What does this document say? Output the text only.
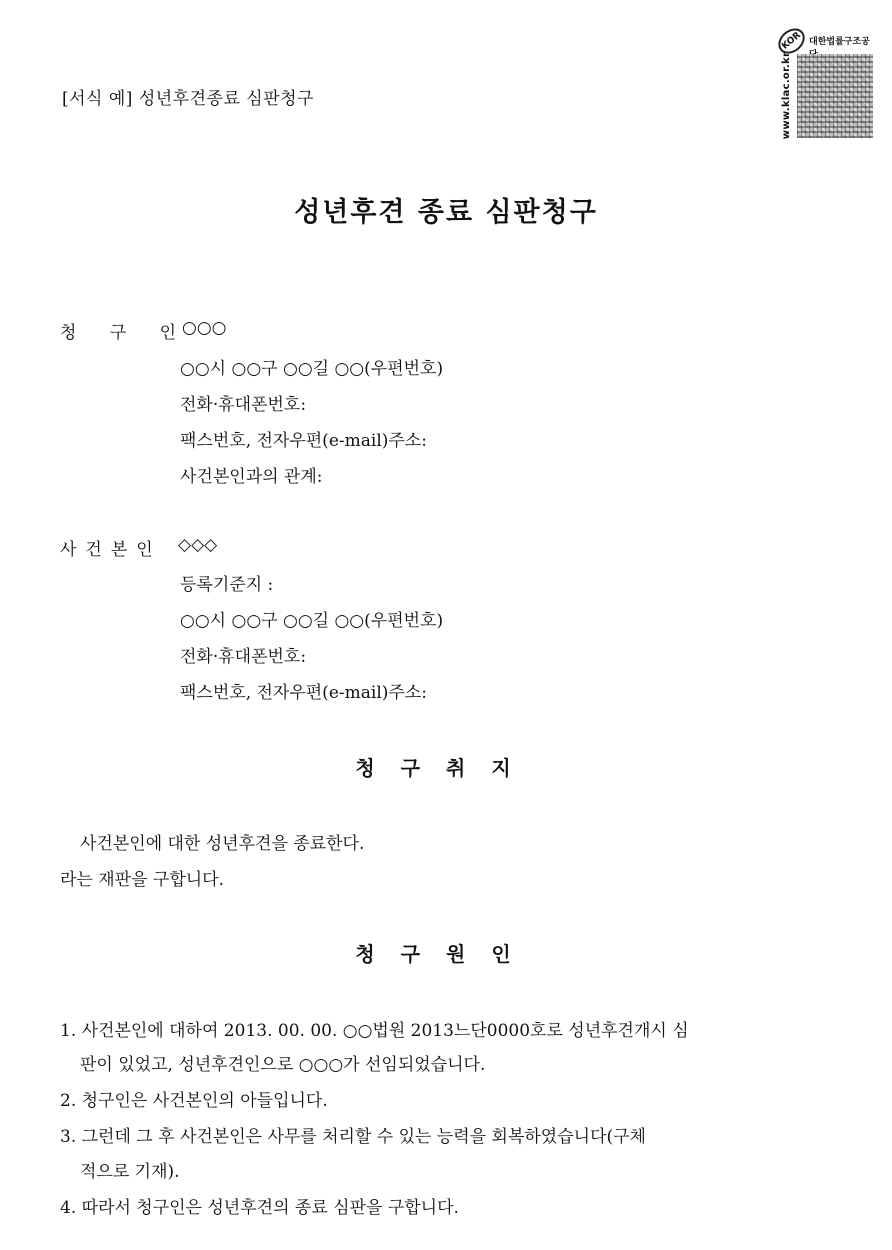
KOR 대한법률구조공
www.klac.or.kr
[서식 예] 성년후견종료 심판청구
성년후견 종료 심판청구
청 구 인
○○○
○○시 ○○구 ○○길 ○○(우편번호)
전화·휴대폰번호:
팩스번호, 전자우편(e-mail)주소:
사건본인과의 관계:
사건본인 ◇◇◇
등록기준지 :
○○시 ○○구 ○○길 ○○(우편번호)
전화·휴대폰번호:
팩스번호, 전자우편(e-mail)주소:
청구취지
사건본인에 대한 성년후견을 종료한다.
라는 재판을 구합니다.
청구원인
1. 사건본인에 대하여 2013. 00. 00. ○○법원 2013느단0000호로 성년후견개시 심
판이 있었고, 성년후견인으로 ○○○가 선임되었습니다.
2. 청구인은 사건본인의 아들입니다.
3. 그런데 그 후 사건본인은 사무를 처리할 수 있는 능력을 회복하였습니다(구체
적으로 기재).
4. 따라서 청구인은 성년후견의 종료 심판을 구합니다.
